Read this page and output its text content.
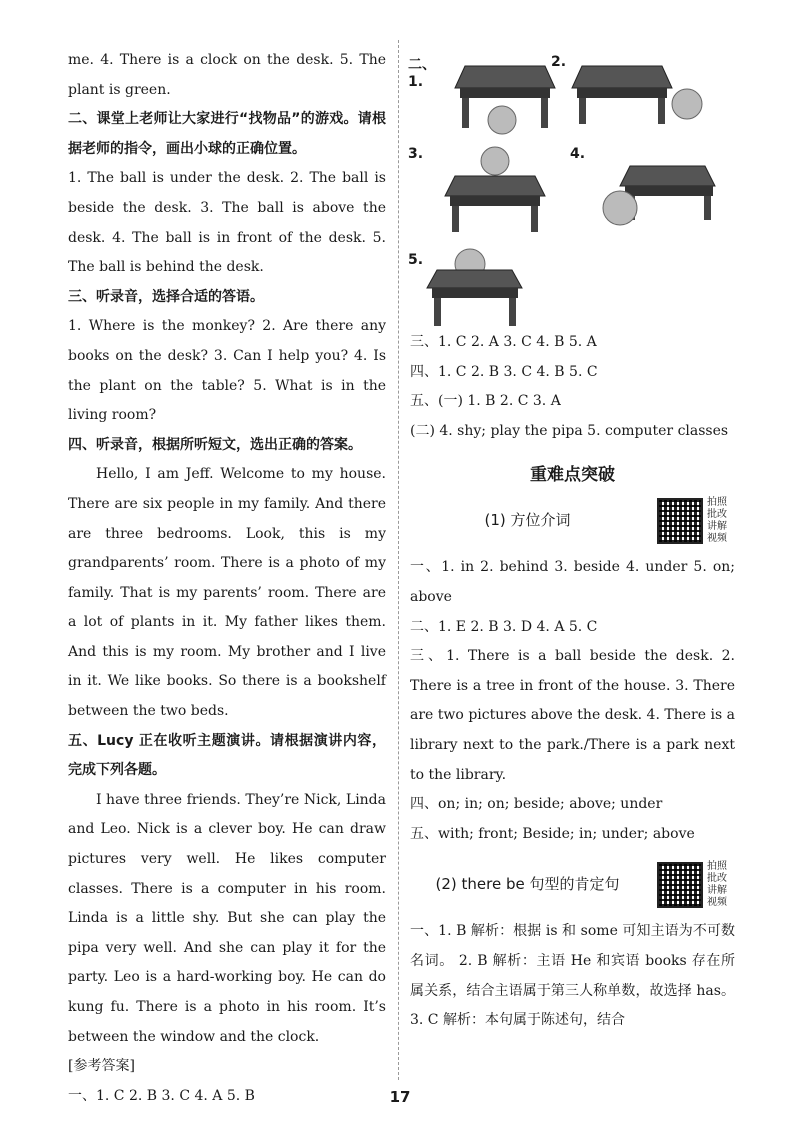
me. 4. There is a clock on the desk. 5. The plant is green.

二、课堂上老师让大家进行“找物品”的游戏。请根据老师的指令，画出小球的正确位置。

1. The ball is under the desk. 2. The ball is beside the desk. 3. The ball is above the desk. 4. The ball is in front of the desk. 5. The ball is behind the desk.

三、听录音，选择合适的答语。

1. Where is the monkey? 2. Are there any books on the desk? 3. Can I help you? 4. Is the plant on the table? 5. What is in the living room?

四、听录音，根据所听短文，选出正确的答案。

Hello, I am Jeff. Welcome to my house. There are six people in my family. And there are three bedrooms. Look, this is my grandparents’ room. There is a photo of my family. That is my parents’ room. There are a lot of plants in it. My father likes them. And this is my room. My brother and I live in it. We like books. So there is a bookshelf between the two beds.

五、Lucy 正在收听主题演讲。请根据演讲内容，完成下列各题。

I have three friends. They’re Nick, Linda and Leo. Nick is a clever boy. He can draw pictures very well. He likes computer classes. There is a computer in his room. Linda is a little shy. But she can play the pipa very well. And she can play it for the party. Leo is a hard-working boy. He can do kung fu. There is a photo in his room. It’s between the window and the clock.

[参考答案]

一、1. C 2. B 3. C 4. A 5. B

二、1.
2.
3.	4.
5.

三、1. C 2. A 3. C 4. B 5. A

四、1. C 2. B 3. C 4. B 5. C

五、(一) 1. B 2. C 3. A

(二) 4. shy; play the pipa 5. computer classes

重难点突破
(1) 方位介词
拍照批改 讲解视频

一、1. in 2. behind 3. beside 4. under 5. on; above

二、1. E 2. B 3. D 4. A 5. C

三、1. There is a ball beside the desk. 2. There is a tree in front of the house. 3. There are two pictures above the desk. 4. There is a library next to the park./There is a park next to the library.

四、on; in; on; beside; above; under

五、with; front; Beside; in; under; above

(2) there be 句型的肯定句
拍照批改 讲解视频

一、1. B 解析：根据 is 和 some 可知主语为不可数名词。 2. B 解析：主语 He 和宾语 books 存在所属关系，结合主语属于第三人称单数，故选择 has。 3. C 解析：本句属于陈述句，结合

17
